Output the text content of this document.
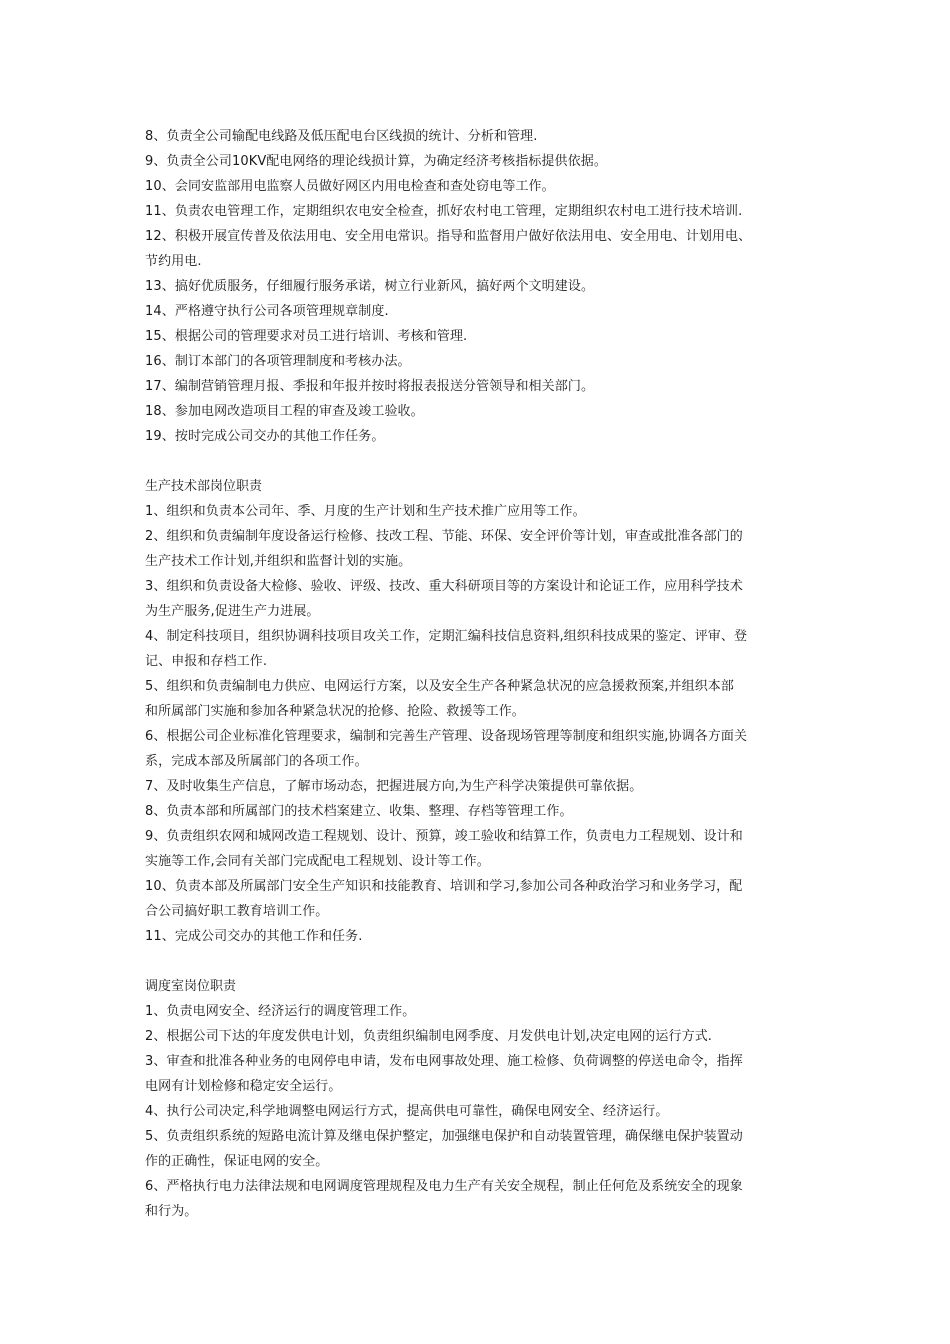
8、负责全公司输配电线路及低压配电台区线损的统计、分析和管理.
9、负责全公司10KV配电网络的理论线损计算，为确定经济考核指标提供依据。
10、会同安监部用电监察人员做好网区内用电检查和查处窃电等工作。
11、负责农电管理工作，定期组织农电安全检查，抓好农村电工管理，定期组织农村电工进行技术培训.
12、积极开展宣传普及依法用电、安全用电常识。指导和监督用户做好依法用电、安全用电、计划用电、
节约用电.
13、搞好优质服务，仔细履行服务承诺，树立行业新风，搞好两个文明建设。
14、严格遵守执行公司各项管理规章制度.
15、根据公司的管理要求对员工进行培训、考核和管理.
16、制订本部门的各项管理制度和考核办法。
17、编制营销管理月报、季报和年报并按时将报表报送分管领导和相关部门。
18、参加电网改造项目工程的审查及竣工验收。
19、按时完成公司交办的其他工作任务。
生产技术部岗位职责
1、组织和负责本公司年、季、月度的生产计划和生产技术推广应用等工作。
2、组织和负责编制年度设备运行检修、技改工程、节能、环保、安全评价等计划，审查或批准各部门的
生产技术工作计划,并组织和监督计划的实施。
3、组织和负责设备大检修、验收、评级、技改、重大科研项目等的方案设计和论证工作，应用科学技术
为生产服务,促进生产力进展。
4、制定科技项目，组织协调科技项目攻关工作，定期汇编科技信息资料,组织科技成果的鉴定、评审、登
记、申报和存档工作.
5、组织和负责编制电力供应、电网运行方案，以及安全生产各种紧急状况的应急援救预案,并组织本部
和所属部门实施和参加各种紧急状况的抢修、抢险、救援等工作。
6、根据公司企业标准化管理要求，编制和完善生产管理、设备现场管理等制度和组织实施,协调各方面关
系，完成本部及所属部门的各项工作。
7、及时收集生产信息，了解市场动态，把握进展方向,为生产科学决策提供可靠依据。
8、负责本部和所属部门的技术档案建立、收集、整理、存档等管理工作。
9、负责组织农网和城网改造工程规划、设计、预算，竣工验收和结算工作，负责电力工程规划、设计和
实施等工作,会同有关部门完成配电工程规划、设计等工作。
10、负责本部及所属部门安全生产知识和技能教育、培训和学习,参加公司各种政治学习和业务学习，配
合公司搞好职工教育培训工作。
11、完成公司交办的其他工作和任务.
调度室岗位职责
1、负责电网安全、经济运行的调度管理工作。
2、根据公司下达的年度发供电计划，负责组织编制电网季度、月发供电计划,决定电网的运行方式.
3、审查和批准各种业务的电网停电申请，发布电网事故处理、施工检修、负荷调整的停送电命令，指挥
电网有计划检修和稳定安全运行。
4、执行公司决定,科学地调整电网运行方式，提高供电可靠性，确保电网安全、经济运行。
5、负责组织系统的短路电流计算及继电保护整定，加强继电保护和自动装置管理，确保继电保护装置动
作的正确性，保证电网的安全。
6、严格执行电力法律法规和电网调度管理规程及电力生产有关安全规程，制止任何危及系统安全的现象
和行为。
